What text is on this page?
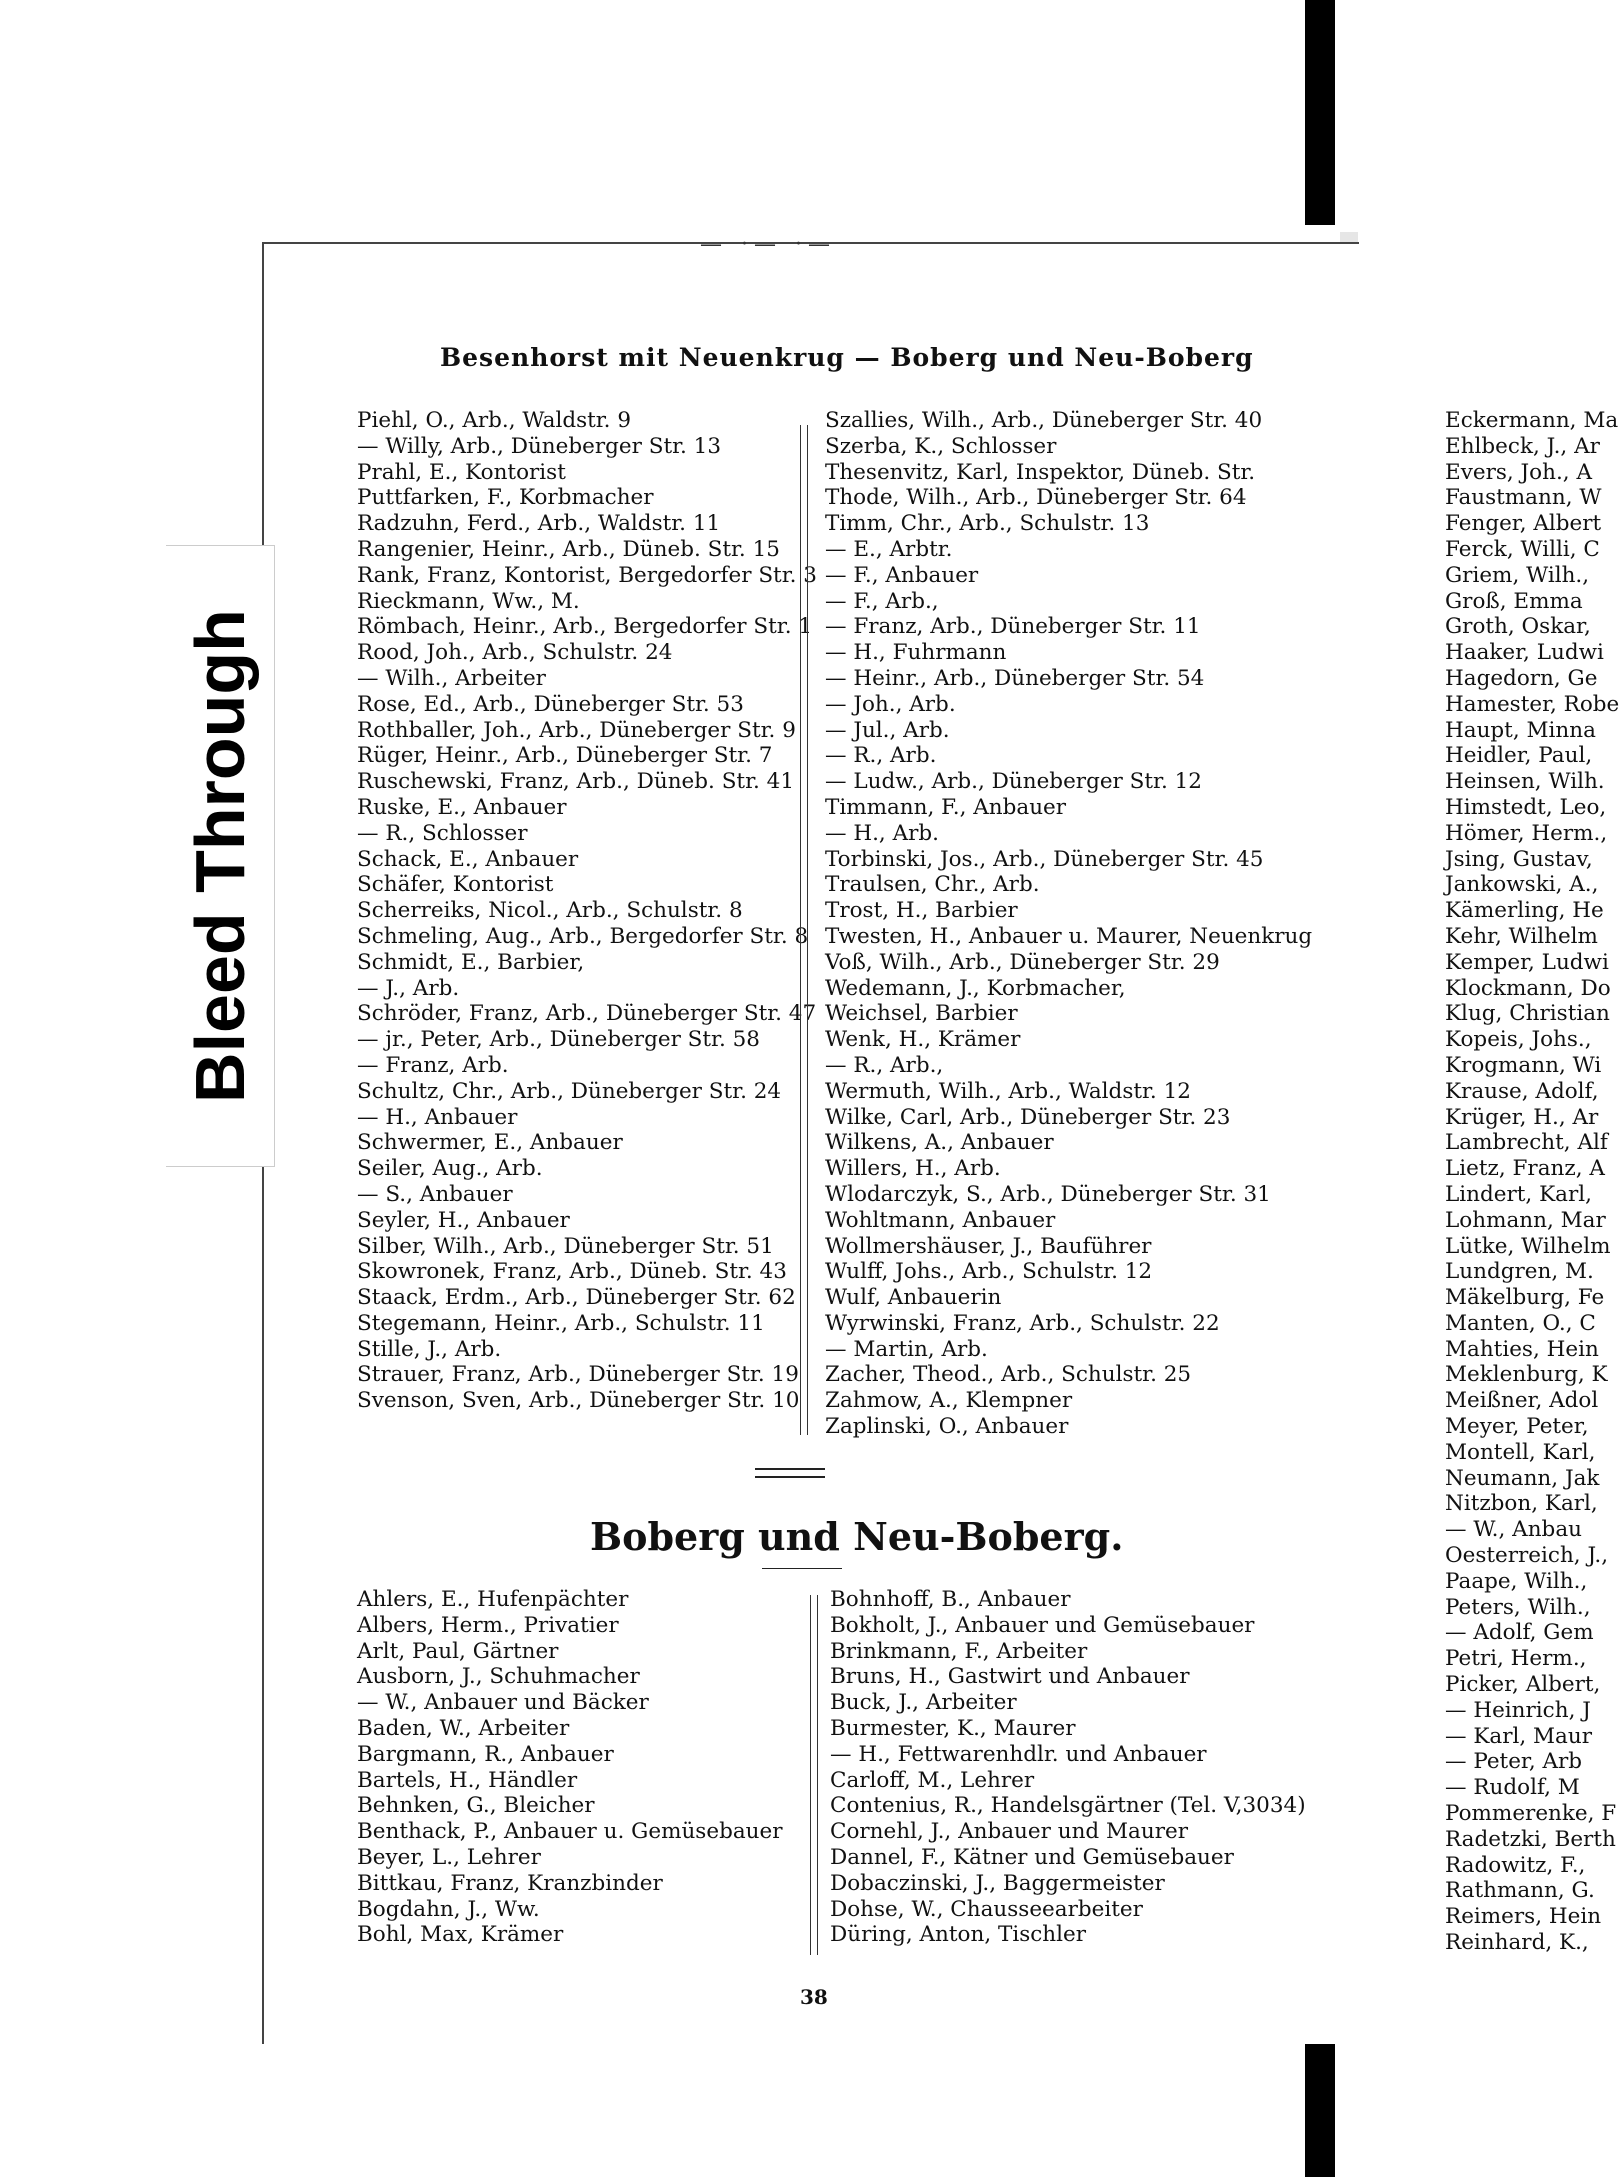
— ·— ·—
Bleed Through
Besenhorst mit Neuenkrug — Boberg und Neu-Boberg
Piehl, O., Arb., Waldstr. 9
— Willy, Arb., Düneberger Str. 13
Prahl, E., Kontorist
Puttfarken, F., Korbmacher
Radzuhn, Ferd., Arb., Waldstr. 11
Rangenier, Heinr., Arb., Düneb. Str. 15
Rank, Franz, Kontorist, Bergedorfer Str. 3
Rieckmann, Ww., M.
Römbach, Heinr., Arb., Bergedorfer Str. 1
Rood, Joh., Arb., Schulstr. 24
— Wilh., Arbeiter
Rose, Ed., Arb., Düneberger Str. 53
Rothballer, Joh., Arb., Düneberger Str. 9
Rüger, Heinr., Arb., Düneberger Str. 7
Ruschewski, Franz, Arb., Düneb. Str. 41
Ruske, E., Anbauer
— R., Schlosser
Schack, E., Anbauer
Schäfer, Kontorist
Scherreiks, Nicol., Arb., Schulstr. 8
Schmeling, Aug., Arb., Bergedorfer Str. 8
Schmidt, E., Barbier,
— J., Arb.
Schröder, Franz, Arb., Düneberger Str. 47
— jr., Peter, Arb., Düneberger Str. 58
— Franz, Arb.
Schultz, Chr., Arb., Düneberger Str. 24
— H., Anbauer
Schwermer, E., Anbauer
Seiler, Aug., Arb.
— S., Anbauer
Seyler, H., Anbauer
Silber, Wilh., Arb., Düneberger Str. 51
Skowronek, Franz, Arb., Düneb. Str. 43
Staack, Erdm., Arb., Düneberger Str. 62
Stegemann, Heinr., Arb., Schulstr. 11
Stille, J., Arb.
Strauer, Franz, Arb., Düneberger Str. 19
Svenson, Sven, Arb., Düneberger Str. 10
Szallies, Wilh., Arb., Düneberger Str. 40
Szerba, K., Schlosser
Thesenvitz, Karl, Inspektor, Düneb. Str.
Thode, Wilh., Arb., Düneberger Str. 64
Timm, Chr., Arb., Schulstr. 13
— E., Arbtr.
— F., Anbauer
— F., Arb.,
— Franz, Arb., Düneberger Str. 11
— H., Fuhrmann
— Heinr., Arb., Düneberger Str. 54
— Joh., Arb.
— Jul., Arb.
— R., Arb.
— Ludw., Arb., Düneberger Str. 12
Timmann, F., Anbauer
— H., Arb.
Torbinski, Jos., Arb., Düneberger Str. 45
Traulsen, Chr., Arb.
Trost, H., Barbier
Twesten, H., Anbauer u. Maurer, Neuenkrug
Voß, Wilh., Arb., Düneberger Str. 29
Wedemann, J., Korbmacher,
Weichsel, Barbier
Wenk, H., Krämer
— R., Arb.,
Wermuth, Wilh., Arb., Waldstr. 12
Wilke, Carl, Arb., Düneberger Str. 23
Wilkens, A., Anbauer
Willers, H., Arb.
Wlodarczyk, S., Arb., Düneberger Str. 31
Wohltmann, Anbauer
Wollmershäuser, J., Bauführer
Wulff, Johs., Arb., Schulstr. 12
Wulf, Anbauerin
Wyrwinski, Franz, Arb., Schulstr. 22
— Martin, Arb.
Zacher, Theod., Arb., Schulstr. 25
Zahmow, A., Klempner
Zaplinski, O., Anbauer
Boberg und Neu-Boberg.
Ahlers, E., Hufenpächter
Albers, Herm., Privatier
Arlt, Paul, Gärtner
Ausborn, J., Schuhmacher
— W., Anbauer und Bäcker
Baden, W., Arbeiter
Bargmann, R., Anbauer
Bartels, H., Händler
Behnken, G., Bleicher
Benthack, P., Anbauer u. Gemüsebauer
Beyer, L., Lehrer
Bittkau, Franz, Kranzbinder
Bogdahn, J., Ww.
Bohl, Max, Krämer
Bohnhoff, B., Anbauer
Bokholt, J., Anbauer und Gemüsebauer
Brinkmann, F., Arbeiter
Bruns, H., Gastwirt und Anbauer
Buck, J., Arbeiter
Burmester, K., Maurer
— H., Fettwarenhdlr. und Anbauer
Carloff, M., Lehrer
Contenius, R., Handelsgärtner (Tel. V,3034)
Cornehl, J., Anbauer und Maurer
Dannel, F., Kätner und Gemüsebauer
Dobaczinski, J., Baggermeister
Dohse, W., Chausseearbeiter
Düring, Anton, Tischler
38
Eckermann, Ma
Ehlbeck, J., Ar
Evers, Joh., A
Faustmann, W
Fenger, Albert
Ferck, Willi, C
Griem, Wilh.,
Groß, Emma
Groth, Oskar,
Haaker, Ludwi
Hagedorn, Ge
Hamester, Robe
Haupt, Minna
Heidler, Paul,
Heinsen, Wilh.
Himstedt, Leo,
Hömer, Herm.,
Jsing, Gustav,
Jankowski, A.,
Kämerling, He
Kehr, Wilhelm
Kemper, Ludwi
Klockmann, Do
Klug, Christian
Kopeis, Johs.,
Krogmann, Wi
Krause, Adolf,
Krüger, H., Ar
Lambrecht, Alf
Lietz, Franz, A
Lindert, Karl,
Lohmann, Mar
Lütke, Wilhelm
Lundgren, M.
Mäkelburg, Fe
Manten, O., C
Mahties, Hein
Meklenburg, K
Meißner, Adol
Meyer, Peter,
Montell, Karl,
Neumann, Jak
Nitzbon, Karl,
— W., Anbau
Oesterreich, J.,
Paape, Wilh.,
Peters, Wilh.,
— Adolf, Gem
Petri, Herm.,
Picker, Albert,
— Heinrich, J
— Karl, Maur
— Peter, Arb
— Rudolf, M
Pommerenke, F
Radetzki, Berth
Radowitz, F.,
Rathmann, G.
Reimers, Hein
Reinhard, K.,
